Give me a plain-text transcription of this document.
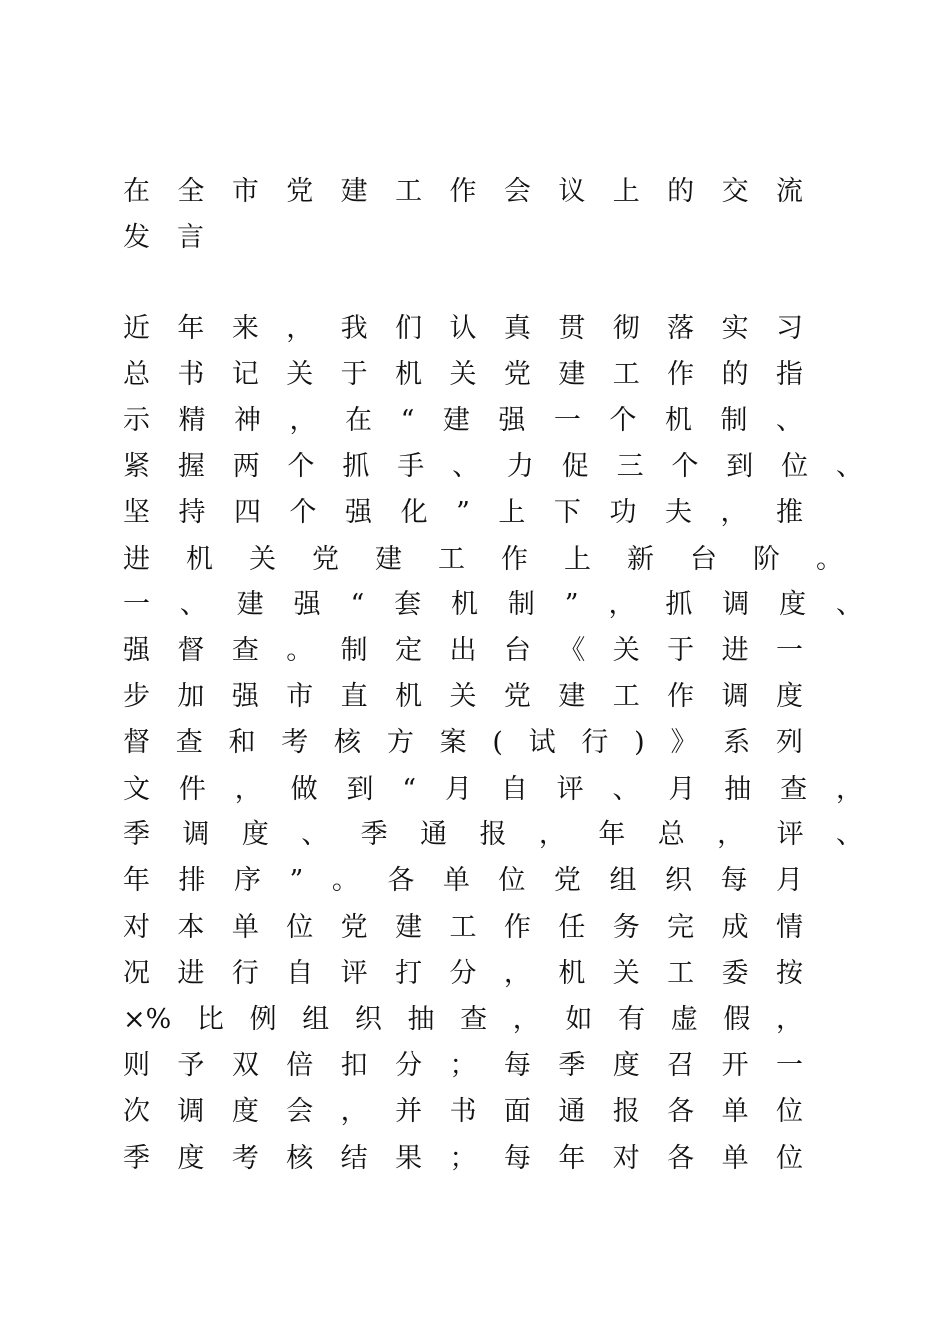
在全市党建工作会议上的交流
发言
近年来，我们认真贯彻落实习
总书记关于机关党建工作的指
示精神，在“建强一个机制、
紧握两个抓手、力促三个到位、
坚持四个强化”上下功夫，推
进机关党建工作上新台阶。
一、建强“套机制”，抓调度、
强督查。制定出台《关于进一
步加强市直机关党建工作调度
督查和考核方案(试行)》系列
文件，做到“月自评、月抽查，
季调度、季通报，年总，评、
年排序”。各单位党组织每月
对本单位党建工作任务完成情
况进行自评打分，机关工委按
×%比例组织抽查，如有虚假，
则予双倍扣分；每季度召开一
次调度会，并书面通报各单位
季度考核结果；每年对各单位
